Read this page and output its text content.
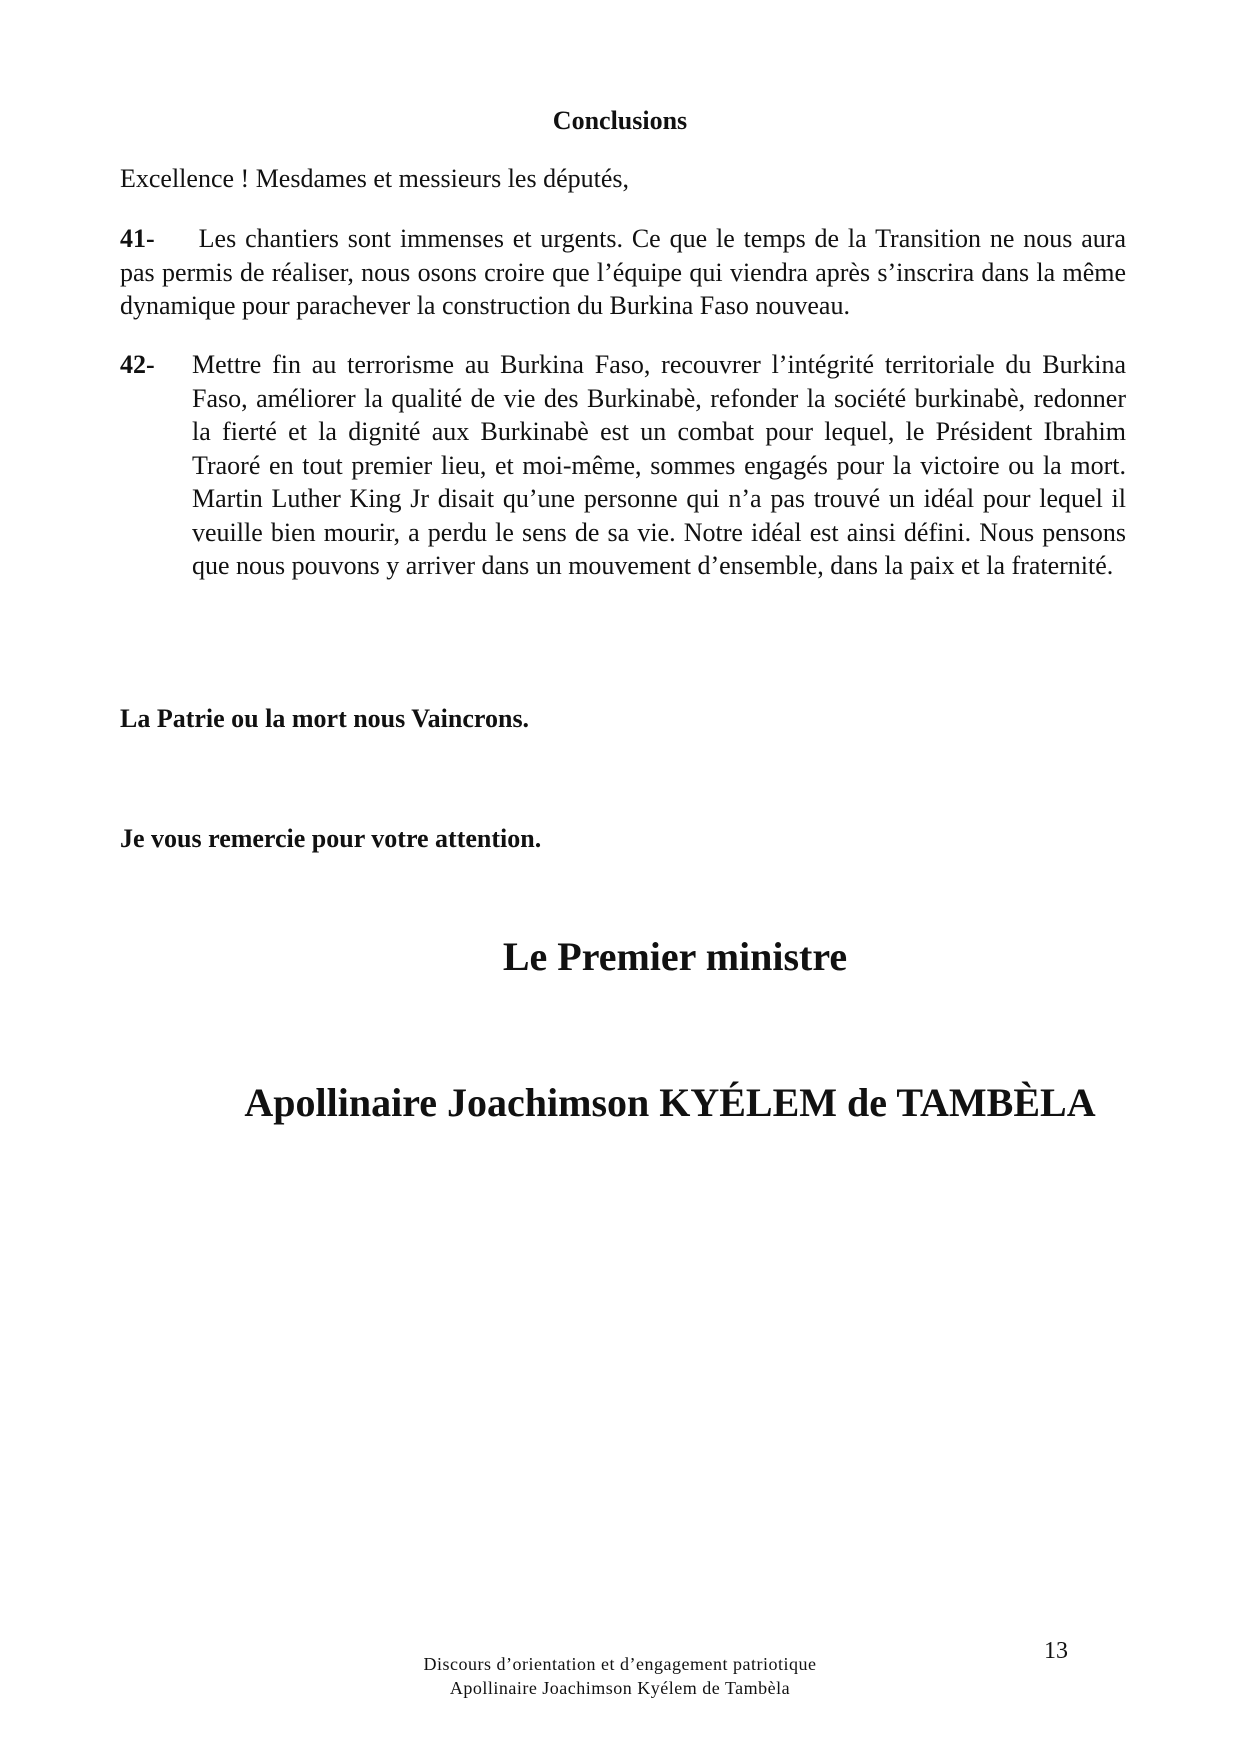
Conclusions
Excellence ! Mesdames et messieurs les députés,
41- Les chantiers sont immenses et urgents. Ce que le temps de la Transition ne nous aura pas permis de réaliser, nous osons croire que l’équipe qui viendra après s’inscrira dans la même dynamique pour parachever la construction du Burkina Faso nouveau.
42-	Mettre fin au terrorisme au Burkina Faso, recouvrer l’intégrité territoriale du Burkina Faso, améliorer la qualité de vie des Burkinabè, refonder la société burkinabè, redonner la fierté et la dignité aux Burkinabè est un combat pour lequel, le Président Ibrahim Traoré en tout premier lieu, et moi-même, sommes engagés pour la victoire ou la mort. Martin Luther King Jr disait qu’une personne qui n’a pas trouvé un idéal pour lequel il veuille bien mourir, a perdu le sens de sa vie. Notre idéal est ainsi défini. Nous pensons que nous pouvons y arriver dans un mouvement d’ensemble, dans la paix et la fraternité.
La Patrie ou la mort nous Vaincrons.
Je vous remercie pour votre attention.
Le Premier ministre
Apollinaire Joachimson KYÉLEM de TAMBÈLA
Discours d’orientation et d’engagement patriotique
Apollinaire Joachimson Kyélem de Tambèla
13
